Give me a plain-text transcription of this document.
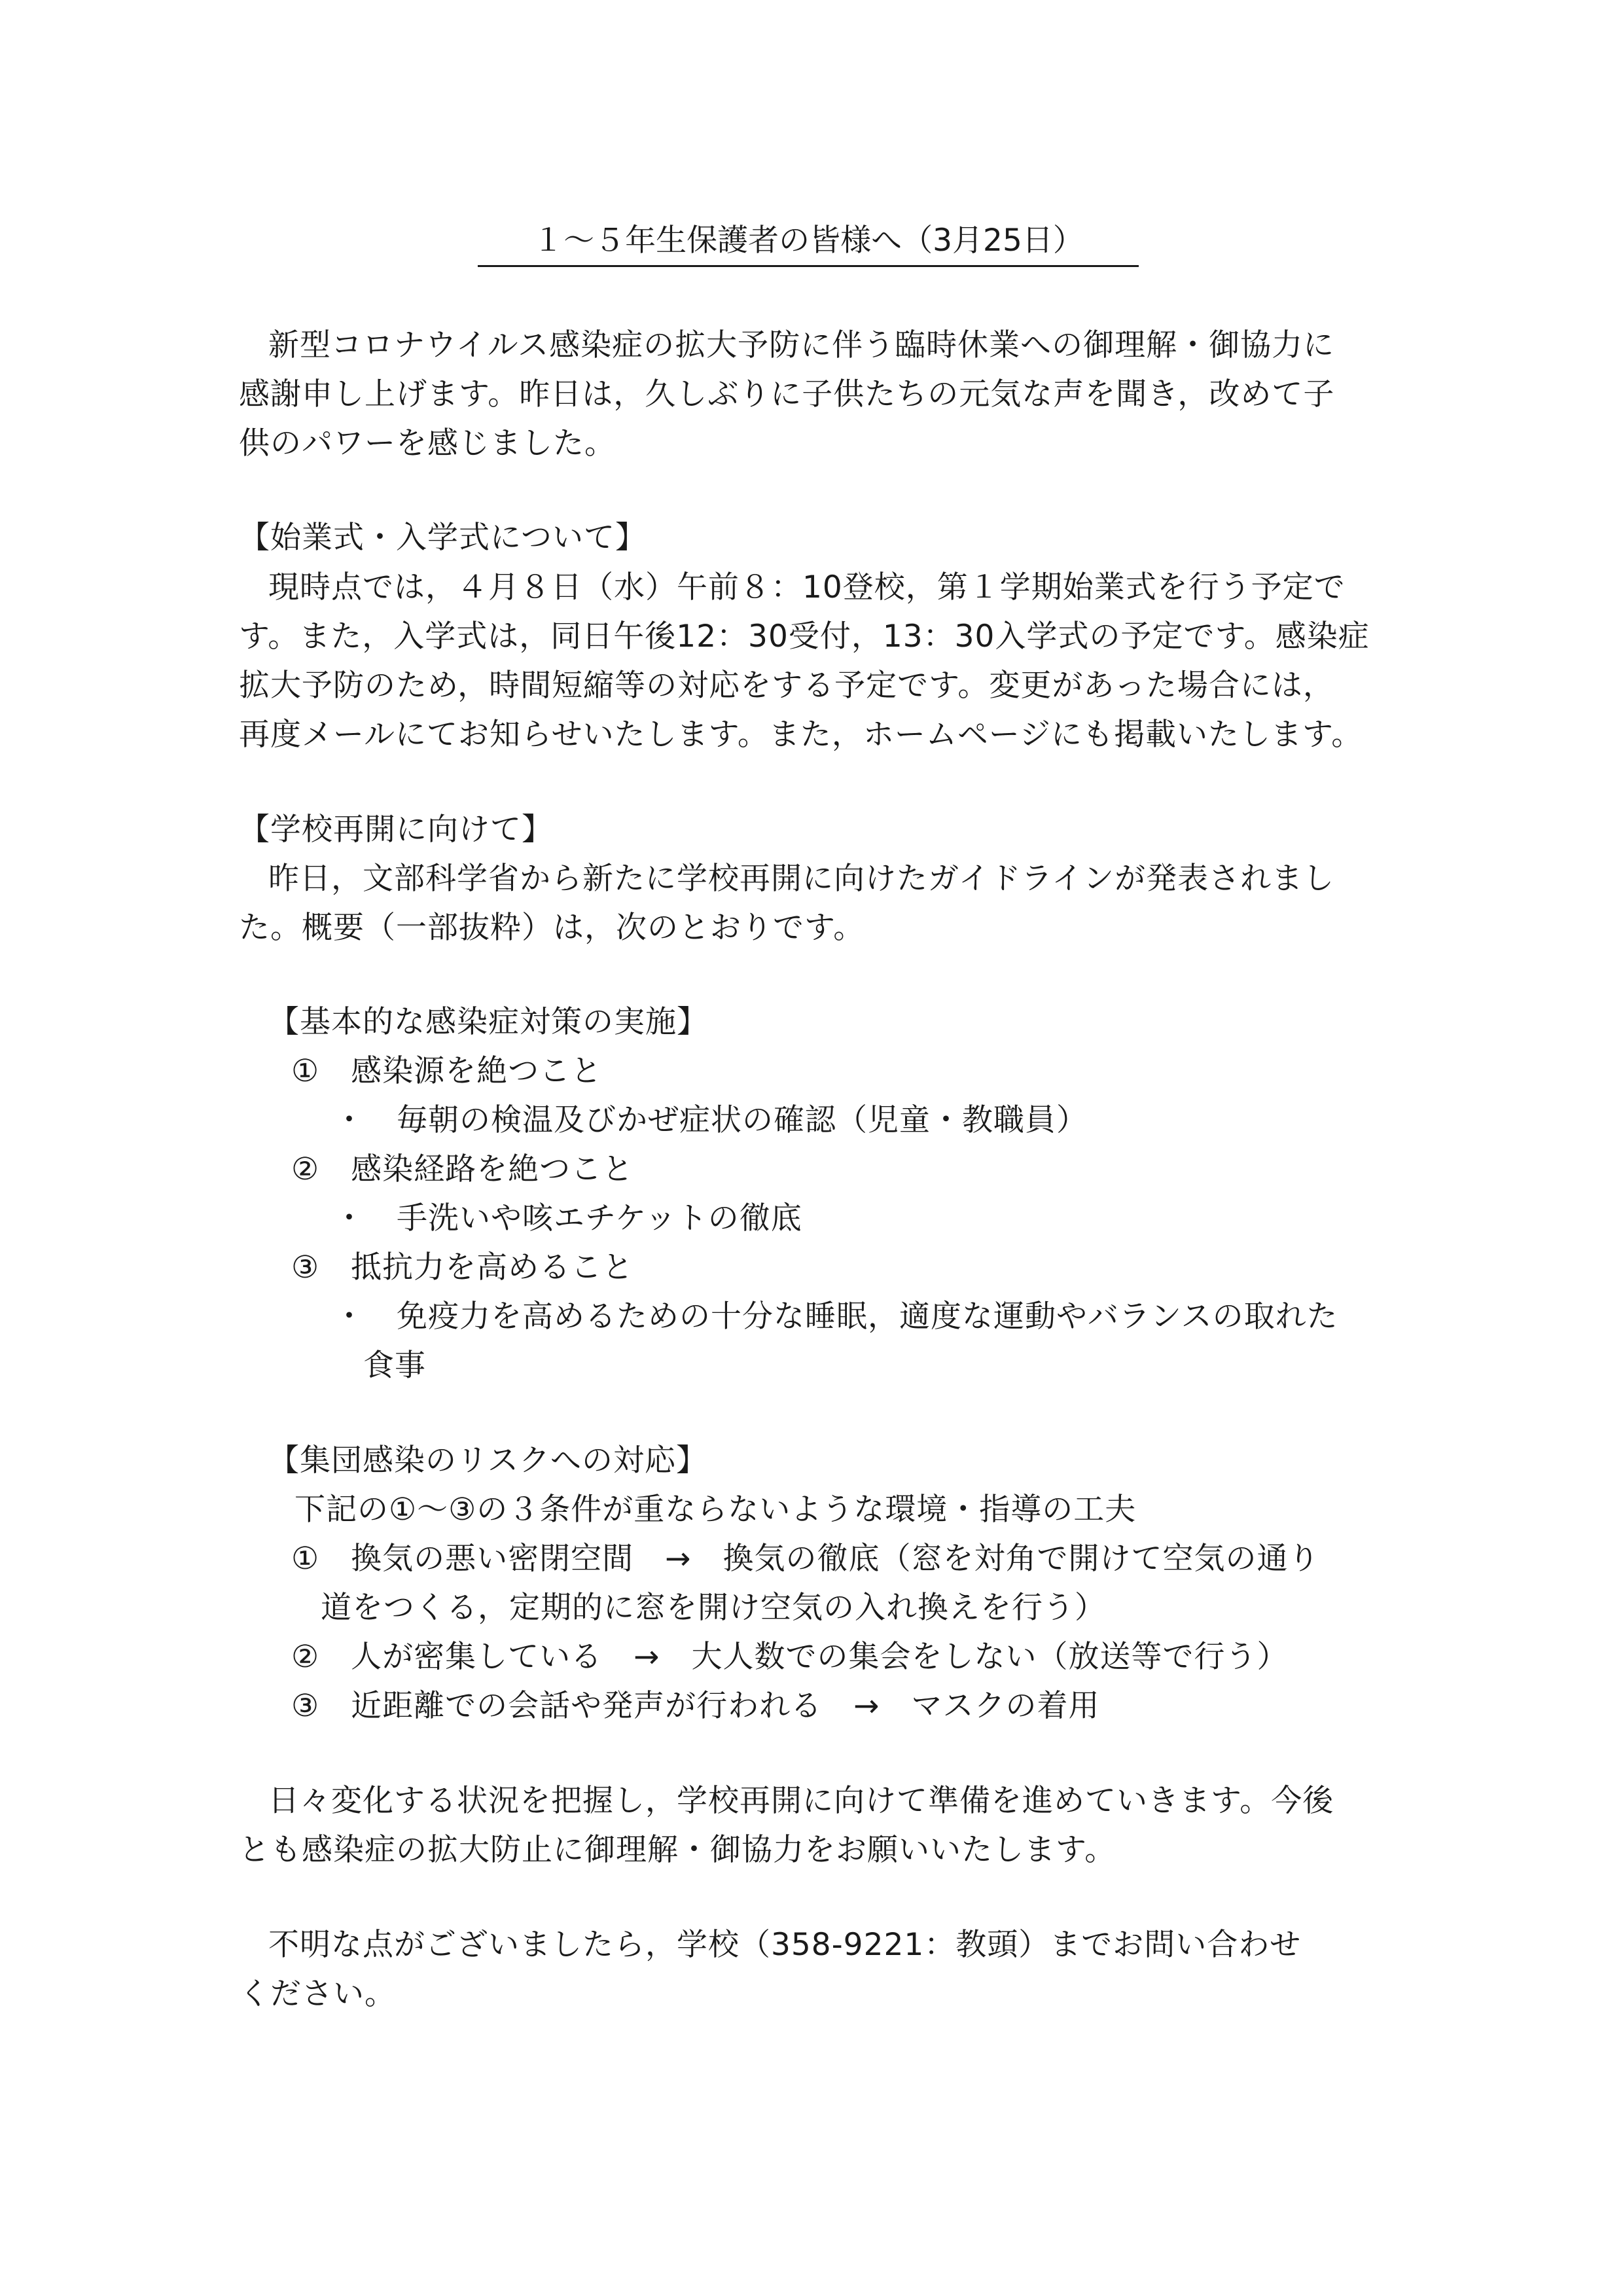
１～５年生保護者の皆様へ（3月25日）
新型コロナウイルス感染症の拡大予防に伴う臨時休業への御理解・御協力に
感謝申し上げます。昨日は，久しぶりに子供たちの元気な声を聞き，改めて子
供のパワーを感じました。
【始業式・入学式について】
現時点では，４月８日（水）午前８：10登校，第１学期始業式を行う予定で
す。また，入学式は，同日午後12：30受付，13：30入学式の予定です。感染症
拡大予防のため，時間短縮等の対応をする予定です。変更があった場合には，
再度メールにてお知らせいたします。また，ホームページにも掲載いたします。
【学校再開に向けて】
昨日，文部科学省から新たに学校再開に向けたガイドラインが発表されまし
た。概要（一部抜粋）は，次のとおりです。
【基本的な感染症対策の実施】
①　感染源を絶つこと
・　毎朝の検温及びかぜ症状の確認（児童・教職員）
②　感染経路を絶つこと
・　手洗いや咳エチケットの徹底
③　抵抗力を高めること
・　免疫力を高めるための十分な睡眠，適度な運動やバランスの取れた
食事
【集団感染のリスクへの対応】
下記の①～③の３条件が重ならないような環境・指導の工夫
①　換気の悪い密閉空間　→　換気の徹底（窓を対角で開けて空気の通り
道をつくる，定期的に窓を開け空気の入れ換えを行う）
②　人が密集している　→　大人数での集会をしない（放送等で行う）
③　近距離での会話や発声が行われる　→　マスクの着用
日々変化する状況を把握し，学校再開に向けて準備を進めていきます。今後
とも感染症の拡大防止に御理解・御協力をお願いいたします。
不明な点がございましたら，学校（358-9221：教頭）までお問い合わせ
ください。
